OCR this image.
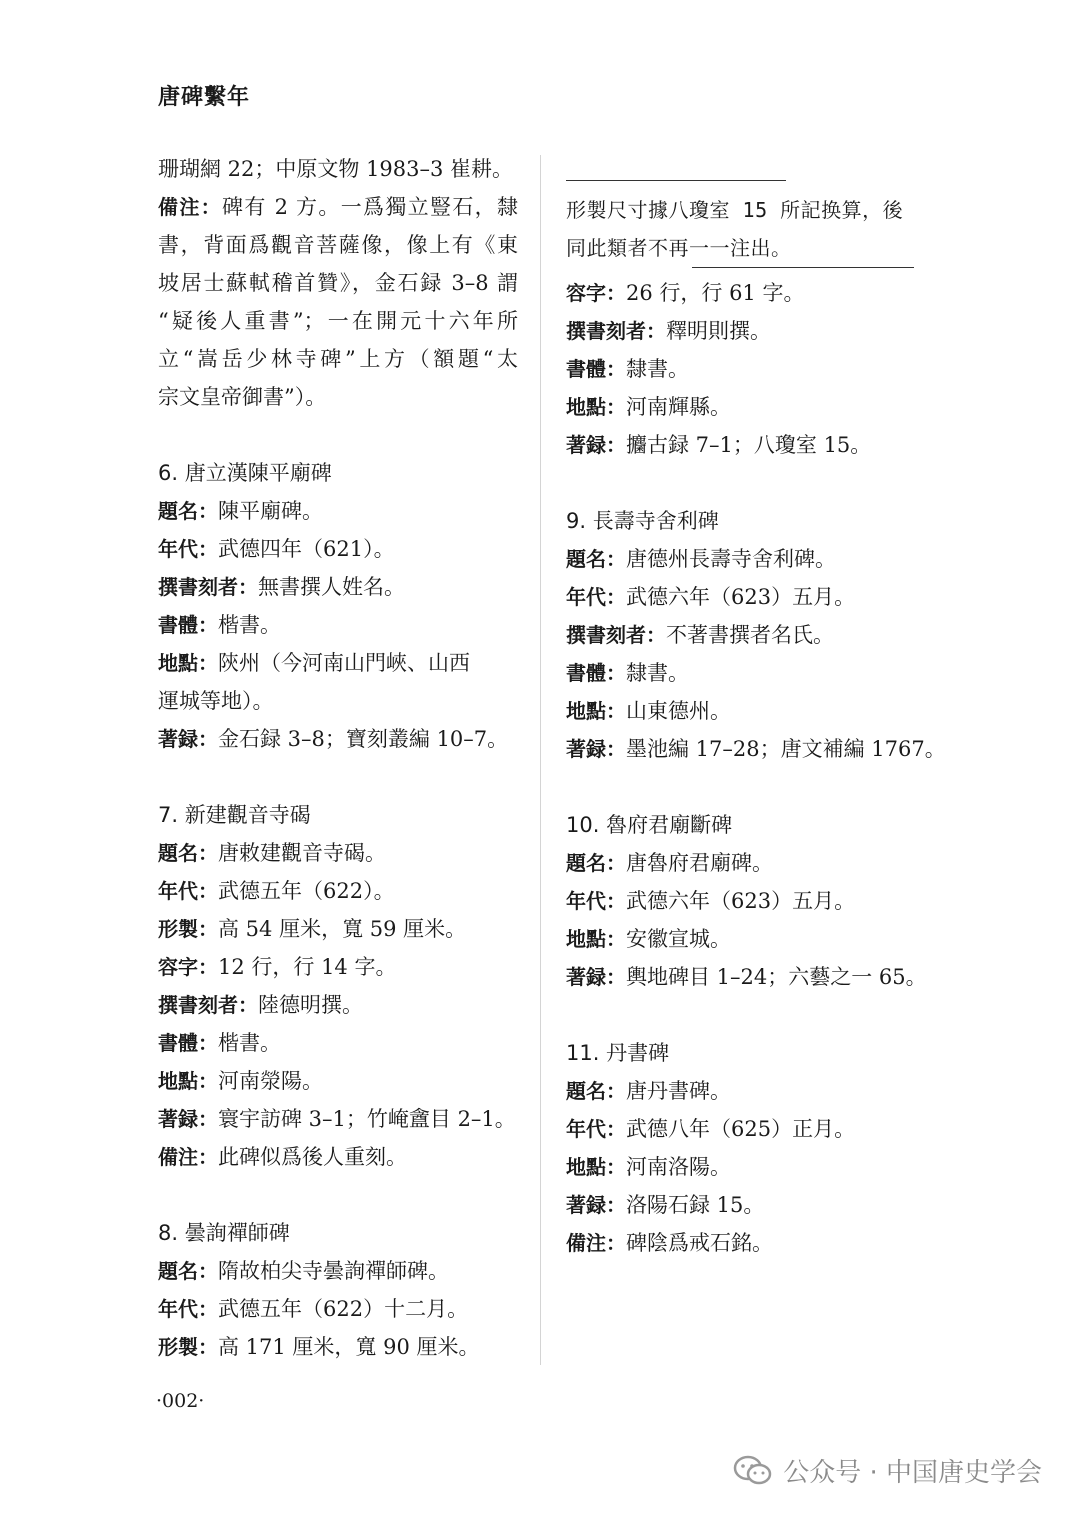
唐碑繫年
珊瑚網 22；中原文物 1983–3 崔耕。
備注：碑有 2 方。一爲獨立豎石，隸
書，背面爲觀音菩薩像，像上有《東
坡居士蘇軾稽首贊》，金石録 3–8 謂
“疑後人重書”；一在開元十六年所
立“嵩岳少林寺碑”上方（額題“太
宗文皇帝御書”）。
6. 唐立漢陳平廟碑
題名：陳平廟碑。
年代：武德四年（621）。
撰書刻者：無書撰人姓名。
書體：楷書。
地點：陝州（今河南山門峽、山西
運城等地）。
著録：金石録 3–8；寶刻叢編 10–7。
7. 新建觀音寺碣
題名：唐敕建觀音寺碣。
年代：武德五年（622）。
形製：高 54 厘米，寬 59 厘米。
容字：12 行，行 14 字。
撰書刻者：陸德明撰。
書體：楷書。
地點：河南滎陽。
著録：寰宇訪碑 3–1；竹崦盦目 2–1。
備注：此碑似爲後人重刻。
8. 曇詢禪師碑
題名：隋故柏尖寺曇詢禪師碑。
年代：武德五年（622）十二月。
形製：高 171 厘米，寬 90 厘米。
形製尺寸據八瓊室 15 所記换算，後
同此類者不再一一注出。
容字：26 行，行 61 字。
撰書刻者：釋明則撰。
書體：隸書。
地點：河南輝縣。
著録：攟古録 7–1；八瓊室 15。
9. 長壽寺舍利碑
題名：唐德州長壽寺舍利碑。
年代：武德六年（623）五月。
撰書刻者：不著書撰者名氏。
書體：隸書。
地點：山東德州。
著録：墨池編 17–28；唐文補編 1767。
10. 魯府君廟斷碑
題名：唐魯府君廟碑。
年代：武德六年（623）五月。
地點：安徽宣城。
著録：輿地碑目 1–24；六藝之一 65。
11. 丹書碑
題名：唐丹書碑。
年代：武德八年（625）正月。
地點：河南洛陽。
著録：洛陽石録 15。
備注：碑陰爲戒石銘。
·002·
公众号 · 中国唐史学会
